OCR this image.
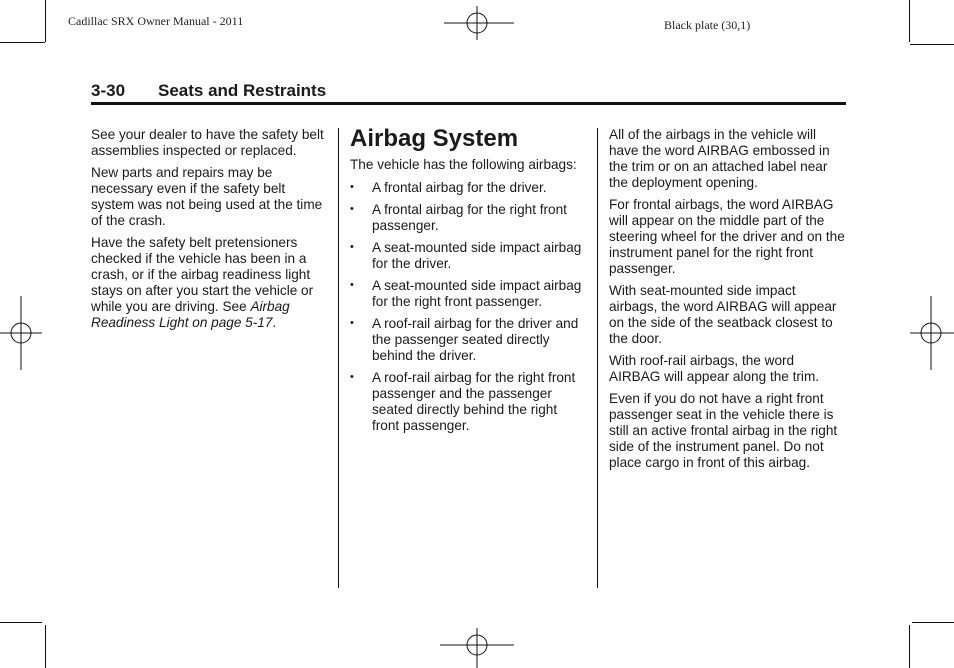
Cadillac SRX Owner Manual - 2011	Black plate (30,1)
3-30 Seats and Restraints

See your dealer to have the safety belt assemblies inspected or replaced.

New parts and repairs may be necessary even if the safety belt system was not being used at the time of the crash.

Have the safety belt pretensioners checked if the vehicle has been in a crash, or if the airbag readiness light stays on after you start the vehicle or while you are driving. See Airbag Readiness Light on page 5‑17.

Airbag System

The vehicle has the following airbags:

• A frontal airbag for the driver.
• A frontal airbag for the right front passenger.
• A seat-mounted side impact airbag for the driver.
• A seat-mounted side impact airbag for the right front passenger.
• A roof-rail airbag for the driver and the passenger seated directly behind the driver.
• A roof-rail airbag for the right front passenger and the passenger seated directly behind the right front passenger.

All of the airbags in the vehicle will have the word AIRBAG embossed in the trim or on an attached label near the deployment opening.

For frontal airbags, the word AIRBAG will appear on the middle part of the steering wheel for the driver and on the instrument panel for the right front passenger.

With seat-mounted side impact airbags, the word AIRBAG will appear on the side of the seatback closest to the door.

With roof-rail airbags, the word AIRBAG will appear along the trim.

Even if you do not have a right front passenger seat in the vehicle there is still an active frontal airbag in the right side of the instrument panel. Do not place cargo in front of this airbag.
